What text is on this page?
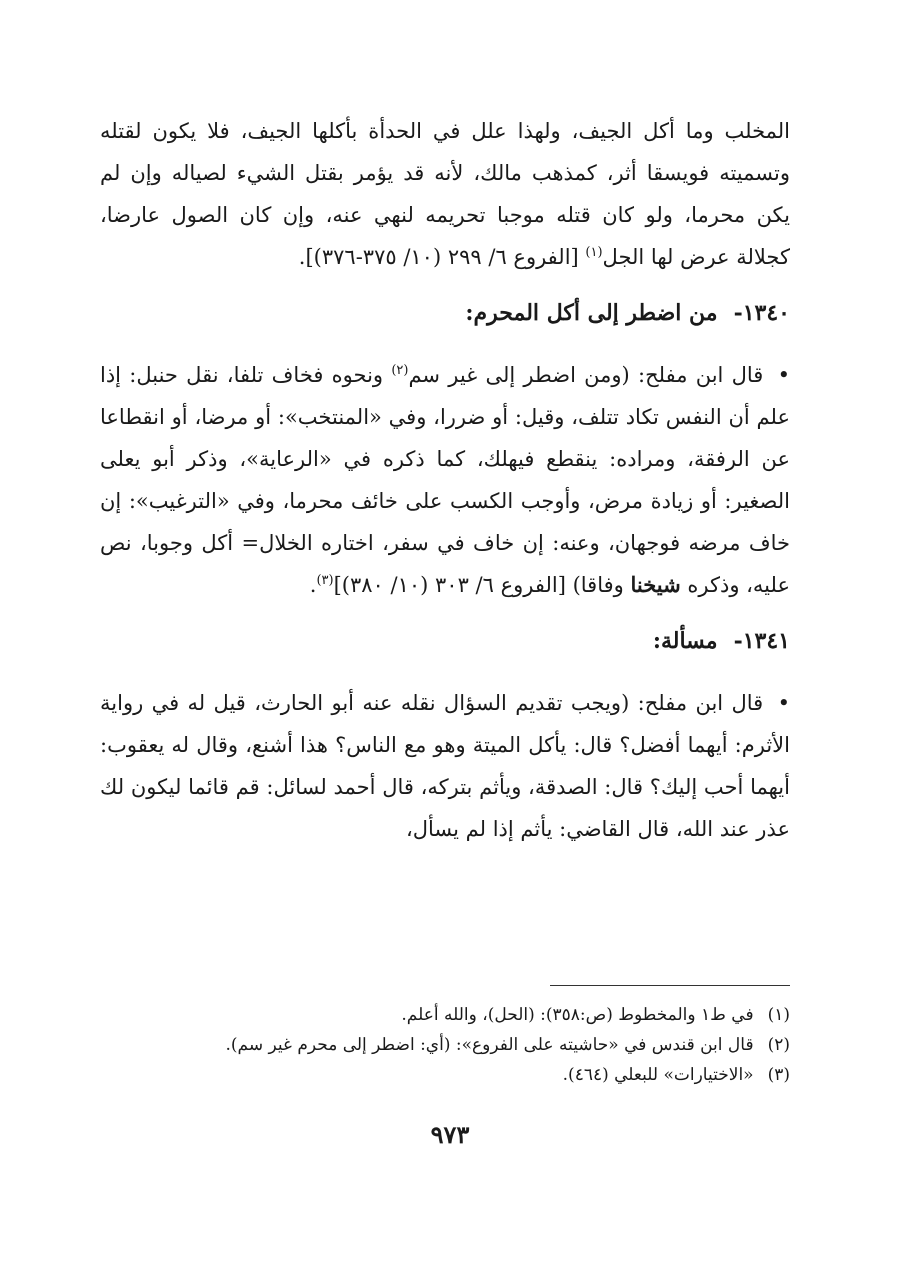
المخلب وما أكل الجيف، ولهذا علل في الحدأة بأكلها الجيف، فلا يكون لقتله وتسميته فويسقا أثر، كمذهب مالك، لأنه قد يؤمر بقتل الشيء لصياله وإن لم يكن محرما، ولو كان قتله موجبا تحريمه لنهي عنه، وإن كان الصول عارضا، كجلالة عرض لها الجل$^{(١)}$ [الفروع ٦/ ٢٩٩ (١٠/ ٣٧٥-٣٧٦)].

١٣٤٠-من اضطر إلى أكل المحرم:

• قال ابن مفلح: (ومن اضطر إلى غير سم$^{(٢)}$ ونحوه فخاف تلفا، نقل حنبل: إذا علم أن النفس تكاد تتلف، وقيل: أو ضررا، وفي «المنتخب»: أو مرضا، أو انقطاعا عن الرفقة، ومراده: ينقطع فيهلك، كما ذكره في «الرعاية»، وذكر أبو يعلى الصغير: أو زيادة مرض، وأوجب الكسب على خائف محرما، وفي «الترغيب»: إن خاف مرضه فوجهان، وعنه: إن خاف في سفر، اختاره الخلال= أكل وجوبا، نص عليه، وذكره شيخنا وفاقا) [الفروع ٦/ ٣٠٣ (١٠/ ٣٨٠)]$^{(٣)}$.

١٣٤١-مسألة:

• قال ابن مفلح: (ويجب تقديم السؤال نقله عنه أبو الحارث، قيل له في رواية الأثرم: أيهما أفضل؟ قال: يأكل الميتة وهو مع الناس؟ هذا أشنع، وقال له يعقوب: أيهما أحب إليك؟ قال: الصدقة، ويأثم بتركه، قال أحمد لسائل: قم قائما ليكون لك عذر عند الله، قال القاضي: يأثم إذا لم يسأل،

(١)في ط١ والمخطوط (ص:٣٥٨): (الحل)، والله أعلم.
(٢)قال ابن قندس في «حاشيته على الفروع»: (أي: اضطر إلى محرم غير سم).
(٣)«الاختيارات» للبعلي (٤٦٤).
٩٧٣
